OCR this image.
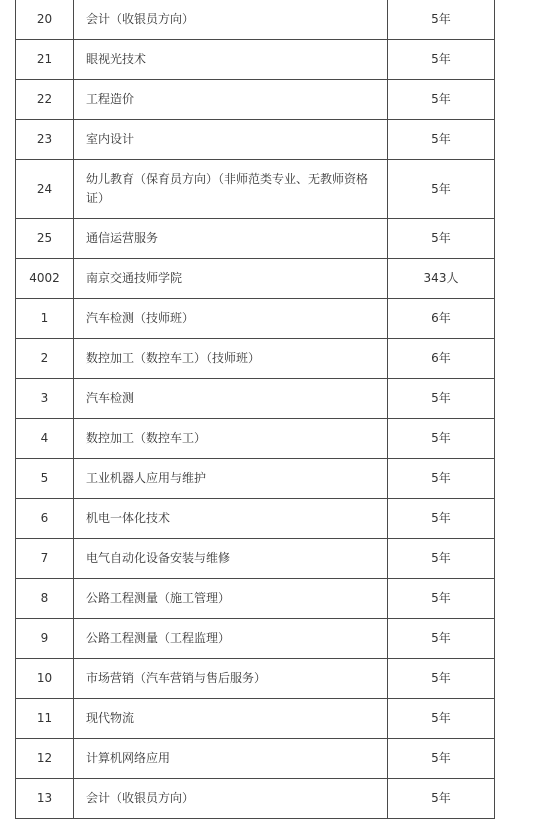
20	会计（收银员方向）	5年
21	眼视光技术	5年
22	工程造价	5年
23	室内设计	5年
24	幼儿教育（保育员方向）（非师范类专业、无教师资格证）	5年
25	通信运营服务	5年
4002	南京交通技师学院	343人
1	汽车检测（技师班）	6年
2	数控加工（数控车工）（技师班）	6年
3	汽车检测	5年
4	数控加工（数控车工）	5年
5	工业机器人应用与维护	5年
6	机电一体化技术	5年
7	电气自动化设备安装与维修	5年
8	公路工程测量（施工管理）	5年
9	公路工程测量（工程监理）	5年
10	市场营销（汽车营销与售后服务）	5年
11	现代物流	5年
12	计算机网络应用	5年
13	会计（收银员方向）	5年
